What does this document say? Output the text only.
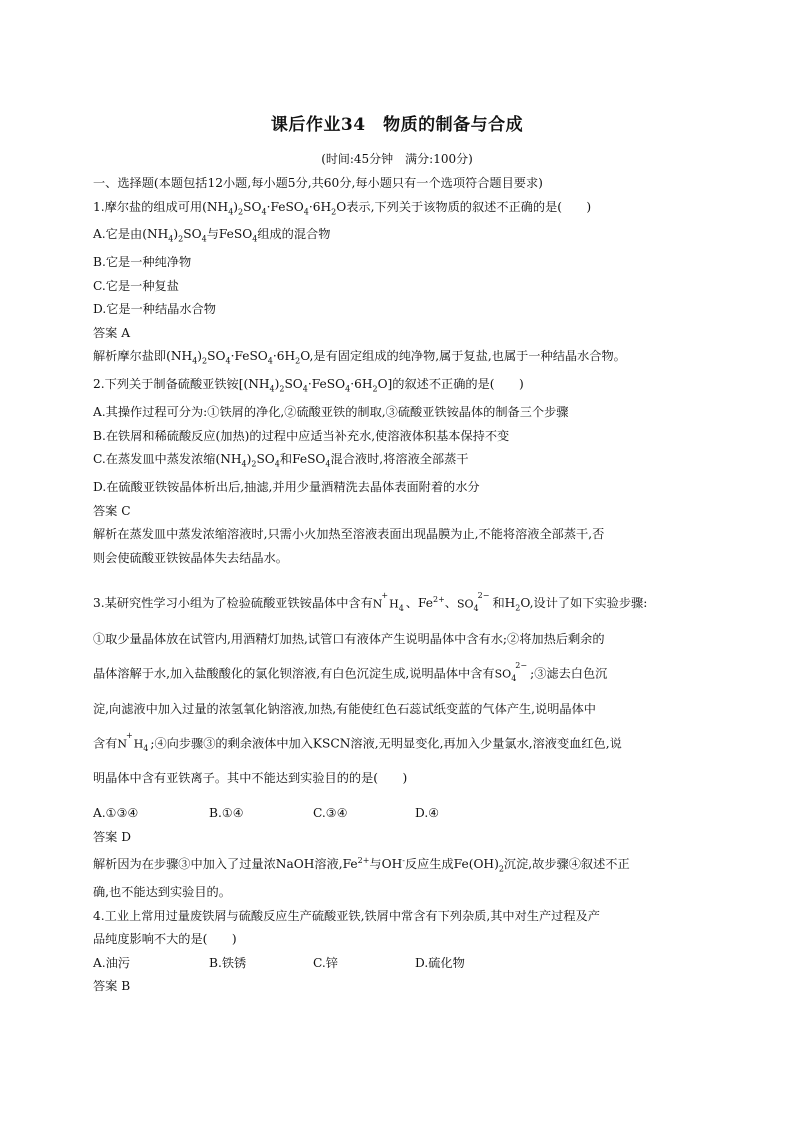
课后作业34　物质的制备与合成
(时间:45分钟　满分:100分)
一、选择题(本题包括12小题,每小题5分,共60分,每小题只有一个选项符合题目要求)
1.摩尔盐的组成可用$(NH_4)_2SO_4\cdot FeSO_4\cdot 6H_2O$表示,下列关于该物质的叙述不正确的是(　　)
A.它是由$(NH_4)_2SO_4$与FeSO$_4$组成的混合物
B.它是一种纯净物
C.它是一种复盐
D.它是一种结晶水合物
答案 A
解析摩尔盐即$(NH_4)_2SO_4\cdot FeSO_4\cdot 6H_2O$,是有固定组成的纯净物,属于复盐,也属于一种结晶水合物。
2.下列关于制备硫酸亚铁铵$[(NH_4)_2SO_4\cdot FeSO_4\cdot 6H_2O]$的叙述不正确的是(　　)
A.其操作过程可分为:①铁屑的净化,②硫酸亚铁的制取,③硫酸亚铁铵晶体的制备三个步骤
B.在铁屑和稀硫酸反应(加热)的过程中应适当补充水,使溶液体积基本保持不变
C.在蒸发皿中蒸发浓缩$(NH_4)_2SO_4$和FeSO$_4$混合液时,将溶液全部蒸干
D.在硫酸亚铁铵晶体析出后,抽滤,并用少量酒精洗去晶体表面附着的水分
答案 C
解析在蒸发皿中蒸发浓缩溶液时,只需小火加热至溶液表面出现晶膜为止,不能将溶液全部蒸干,否
则会使硫酸亚铁铵晶体失去结晶水。
3.某研究性学习小组为了检验硫酸亚铁铵晶体中含有$N^+H_4$ 、$Fe^{2+}$、$SO_4^{2-}$和$H_2O$,设计了如下实验步骤:
①取少量晶体放在试管内,用酒精灯加热,试管口有液体产生说明晶体中含有水;②将加热后剩余的
晶体溶解于水,加入盐酸酸化的氯化钡溶液,有白色沉淀生成,说明晶体中含有$SO_4^{2-};③$滤去白色沉
淀,向滤液中加入过量的浓氢氧化钠溶液,加热,有能使红色石蕊试纸变蓝的气体产生,说明晶体中
含有$N^+H_4$ ;④向步骤③的剩余液体中加入KSCN溶液,无明显变化,再加入少量氯水,溶液变血红色,说
明晶体中含有亚铁离子。其中不能达到实验目的的是(　　)
A.①③④	B.①④	C.③④	D.④
答案 D
解析因为在步骤③中加入了过量浓NaOH溶液$,Fe^{2+}$与OH-反应生成$Fe(OH)_2$沉淀,故步骤④叙述不正
确,也不能达到实验目的。
4.工业上常用过量废铁屑与硫酸反应生产硫酸亚铁,铁屑中常含有下列杂质,其中对生产过程及产
品纯度影响不大的是(　　)
A.油污	B.铁锈	C.锌	D.硫化物
答案 B
